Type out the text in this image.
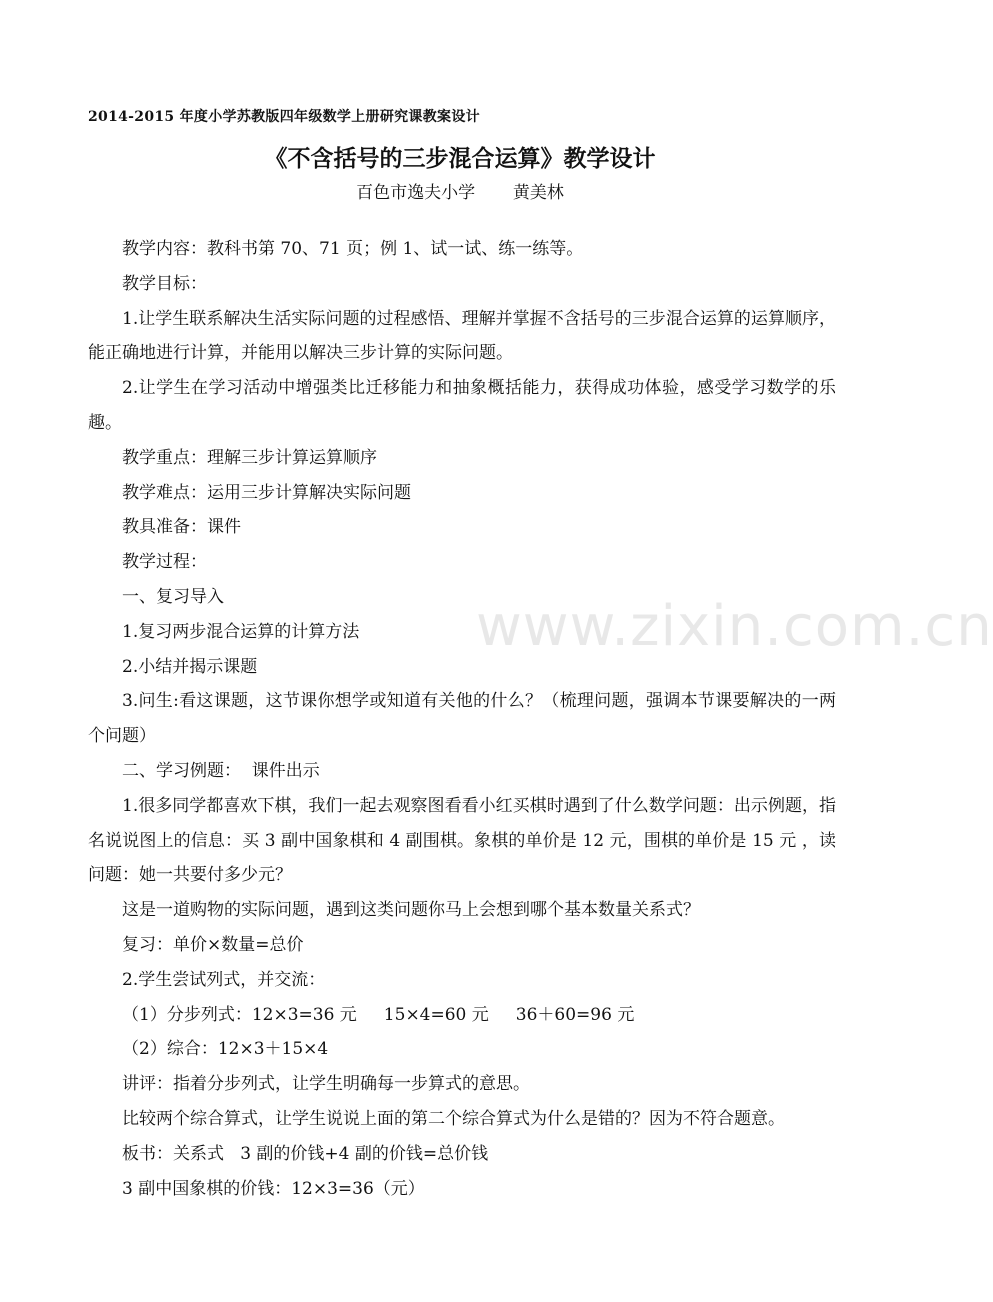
2014-2015 年度小学苏教版四年级数学上册研究课教案设计
《不含括号的三步混合运算》教学设计
百色市逸夫小学       黄美林

教学内容：教科书第 70、71 页；例 1、试一试、练一练等。

教学目标：

1.让学生联系解决生活实际问题的过程感悟、理解并掌握不含括号的三步混合运算的运算顺序，能正确地进行计算，并能用以解决三步计算的实际问题。

2.让学生在学习活动中增强类比迁移能力和抽象概括能力，获得成功体验，感受学习数学的乐趣。

教学重点：理解三步计算运算顺序

教学难点：运用三步计算解决实际问题

教具准备：课件

教学过程：

一、复习导入

1.复习两步混合运算的计算方法

2.小结并揭示课题

3.问生:看这课题，这节课你想学或知道有关他的什么？（梳理问题，强调本节课要解决的一两个问题）

二、学习例题：  课件出示

1.很多同学都喜欢下棋，我们一起去观察图看看小红买棋时遇到了什么数学问题：出示例题，指名说说图上的信息：买 3 副中国象棋和 4 副围棋。象棋的单价是 12 元，围棋的单价是 15 元 ，读问题：她一共要付多少元？

这是一道购物的实际问题，遇到这类问题你马上会想到哪个基本数量关系式？

复习：单价×数量=总价

2.学生尝试列式，并交流：

（1）分步列式：12×3=36 元     15×4=60 元     36＋60=96 元

（2）综合：12×3＋15×4

讲评：指着分步列式，让学生明确每一步算式的意思。

比较两个综合算式，让学生说说上面的第二个综合算式为什么是错的？因为不符合题意。

板书：关系式   3 副的价钱+4 副的价钱=总价钱

3 副中国象棋的价钱：12×3=36（元）

www.zixin.com.cn
